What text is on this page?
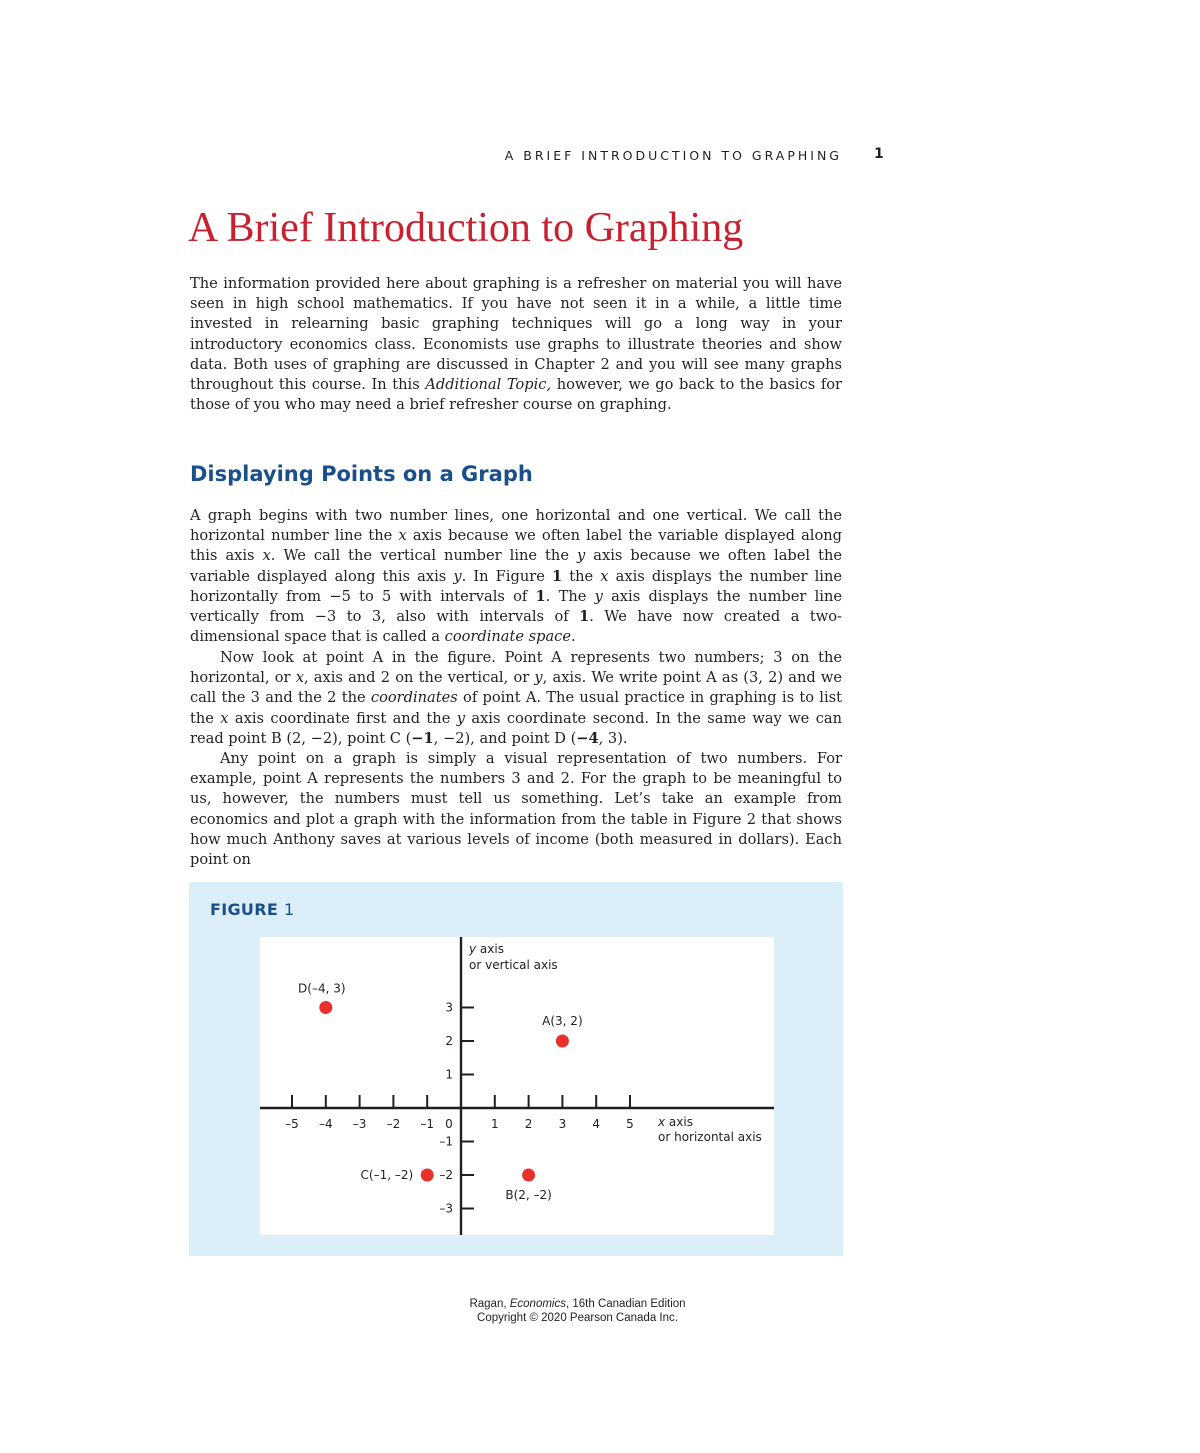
A BRIEF INTRODUCTION TO GRAPHING 1
A Brief Introduction to Graphing

The information provided here about graphing is a refresher on material you will have seen in high school mathematics. If you have not seen it in a while, a little time invested in relearning basic graphing techniques will go a long way in your introductory economics class. Economists use graphs to illustrate theories and show data. Both uses of graphing are discussed in Chapter 2 and you will see many graphs throughout this course. In this Additional Topic, however, we go back to the basics for those of you who may need a brief refresher course on graphing.

Displaying Points on a Graph

A graph begins with two number lines, one horizontal and one vertical. We call the horizontal number line the x axis because we often label the variable displayed along this axis x. We call the vertical number line the y axis because we often label the variable displayed along this axis y. In Figure 1 the x axis displays the number line horizontally from −5 to 5 with intervals of 1. The y axis displays the number line vertically from −3 to 3, also with intervals of 1. We have now created a two-dimensional space that is called a coordinate space.

Now look at point A in the figure. Point A represents two numbers; 3 on the horizontal, or x, axis and 2 on the vertical, or y, axis. We write point A as (3, 2) and we call the 3 and the 2 the coordinates of point A. The usual practice in graphing is to list the x axis coordinate first and the y axis coordinate second. In the same way we can read point B (2, −2), point C (−1, −2), and point D (−4, 3).

Any point on a graph is simply a visual representation of two numbers. For example, point A represents the numbers 3 and 2. For the graph to be meaningful to us, however, the numbers must tell us something. Let’s take an example from economics and plot a graph with the information from the table in Figure 2 that shows how much Anthony saves at various levels of income (both measured in dollars). Each point on

FIGURE 1
–5 –4 –3 –2 –1 0	1 2 3 4 5
3
2
1
–1
–2
–3
A(3, 2)
B(2, –2)
C(–1, –2)
D(–4, 3)
y axis
or vertical axis
x axis
or horizontal axis
Ragan, Economics, 16th Canadian Edition
Copyright © 2020 Pearson Canada Inc.
